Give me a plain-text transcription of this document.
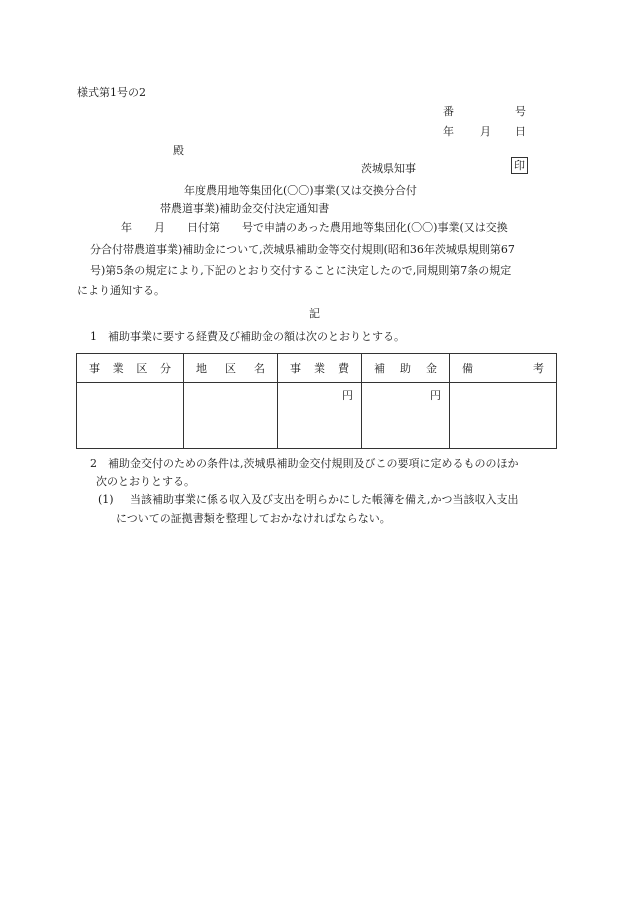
様式第1号の2
番	号
年 月 日
殿
茨城県知事	印
年度農用地等集団化(〇〇)事業(又は交換分合付
帯農道事業)補助金交付決定通知書
年　　月　　日付第　　号で申請のあった農用地等集団化(〇〇)事業(又は交換
分合付帯農道事業)補助金について,茨城県補助金等交付規則(昭和36年茨城県規則第67
号)第5条の規定により,下記のとおり交付することに決定したので,同規則第7条の規定
により通知する。
記
1　補助事業に要する経費及び補助金の額は次のとおりとする。
事 業 区 分	地 区 名	事 業 費	補 助 金	備 考

		円	円	
2　補助金交付のための条件は,茨城県補助金交付規則及びこの要項に定めるもののほか
次のとおりとする。
(1) 当該補助事業に係る収入及び支出を明らかにした帳簿を備え,かつ当該収入支出
についての証拠書類を整理しておかなければならない。
